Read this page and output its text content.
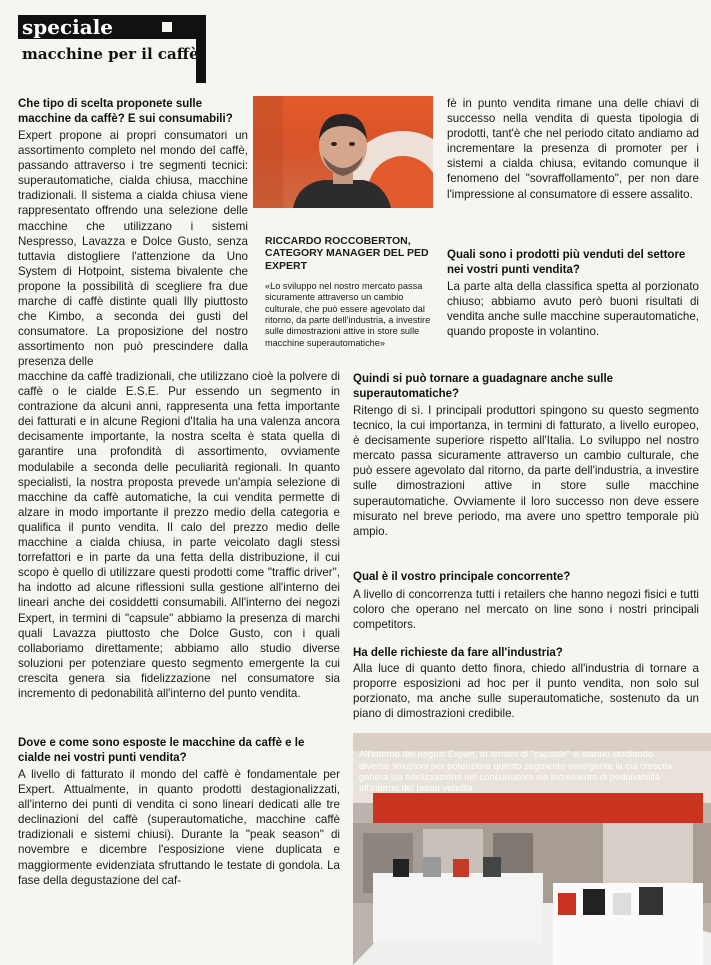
speciale
macchine per il caffè

Che tipo di scelta proponete sulle macchine da caffè? E sui consumabili?

Expert propone ai propri consumatori un assortimento completo nel mondo del caffè, passando attraverso i tre segmenti tecnici: superautomatiche, cialda chiusa, macchine tradizionali. Il sistema a cialda chiusa viene rappresentato offrendo una selezione delle macchine che utilizzano i sistemi Nespresso, Lavazza e Dolce Gusto, senza tuttavia distogliere l'attenzione da Uno System di Hotpoint, sistema bivalente che propone la possibilità di scegliere fra due marche di caffè distinte quali Illy piuttosto che Kimbo, a seconda dei gusti del consumatore. La proposizione del nostro assortimento non può prescindere dalla presenza delle

RICCARDO ROCCOBERTON, CATEGORY MANAGER DEL PED EXPERT

«Lo sviluppo nel nostro mercato passa sicuramente attraverso un cambio culturale, che può essere agevolato dal ritorno, da parte dell'industria, a investire sulle dimostrazioni attive in store sulle macchine superautomatiche»

macchine da caffè tradizionali, che utilizzano cioè la polvere di caffè o le cialde E.S.E. Pur essendo un segmento in contrazione da alcuni anni, rappresenta una fetta importante dei fatturati e in alcune Regioni d'Italia ha una valenza ancora decisamente importante, la nostra scelta è stata quella di garantire una profondità di assortimento, ovviamente modulabile a seconda delle peculiarità regionali. In quanto specialisti, la nostra proposta prevede un'ampia selezione di macchine da caffè automatiche, la cui vendita permette di alzare in modo importante il prezzo medio della categoria e qualifica il punto vendita. Il calo del prezzo medio delle macchine a cialda chiusa, in parte veicolato dagli stessi torrefattori e in parte da una fetta della distribuzione, il cui scopo è quello di utilizzare questi prodotti come "traffic driver", ha indotto ad alcune riflessioni sulla gestione all'interno dei lineari anche dei cosiddetti consumabili. All'interno dei negozi Expert, in termini di "capsule" abbiamo la presenza di marchi quali Lavazza piuttosto che Dolce Gusto, con i quali collaboriamo direttamente; abbiamo allo studio diverse soluzioni per potenziare questo segmento emergente la cui crescita genera sia fidelizzazione nel consumatore sia incremento di pedonabilità all'interno del punto vendita.

Dove e come sono esposte le macchine da caffè e le cialde nei vostri punti vendita?

A livello di fatturato il mondo del caffè è fondamentale per Expert. Attualmente, in quanto prodotti destagionalizzati, all'interno dei punti di vendita ci sono lineari dedicati alle tre declinazioni del caffè (superautomatiche, macchine caffè tradizionali e sistemi chiusi). Durante la "peak season" di novembre e dicembre l'esposizione viene duplicata e maggiormente evidenziata sfruttando le testate di gondola. La fase della degustazione del caf-

fè in punto vendita rimane una delle chiavi di successo nella vendita di questa tipologia di prodotti, tant'è che nel periodo citato andiamo ad incrementare la presenza di promoter per i sistemi a cialda chiusa, evitando comunque il fenomeno del "sovraffollamento", per non dare l'impressione al consumatore di essere assalito.

Quali sono i prodotti più venduti del settore nei vostri punti vendita?

La parte alta della classifica spetta al porzionato chiuso; abbiamo avuto però buoni risultati di vendita anche sulle macchine superautomatiche, quando proposte in volantino.

Quindi si può tornare a guadagnare anche sulle superautomatiche?

Ritengo di sì. I principali produttori spingono su questo segmento tecnico, la cui importanza, in termini di fatturato, a livello europeo, è decisamente superiore rispetto all'Italia. Lo sviluppo nel nostro mercato passa sicuramente attraverso un cambio culturale, che può essere agevolato dal ritorno, da parte dell'industria, a investire sulle dimostrazioni attive in store sulle macchine superautomatiche. Ovviamente il loro successo non deve essere misurato nel breve periodo, ma avere uno spettro temporale più ampio.

Qual è il vostro principale concorrente?

A livello di concorrenza tutti i retailers che hanno negozi fisici e tutti coloro che operano nel mercato on line sono i nostri principali competitors.

Ha delle richieste da fare all'industria?

Alla luce di quanto detto finora, chiedo all'industria di tornare a proporre esposizioni ad hoc per il punto vendita, non solo sul porzionato, ma anche sulle superautomatiche, sostenuto da un piano di dimostrazioni credibile.

All'interno dei negozi Expert, in termini di "capsule" si stanno studiando diverse soluzioni per potenziare questo segmento emergente la cui crescita genera sia fidelizzazione nel consumatore sia incremento di pedonabilità all'interno del punto vendita
